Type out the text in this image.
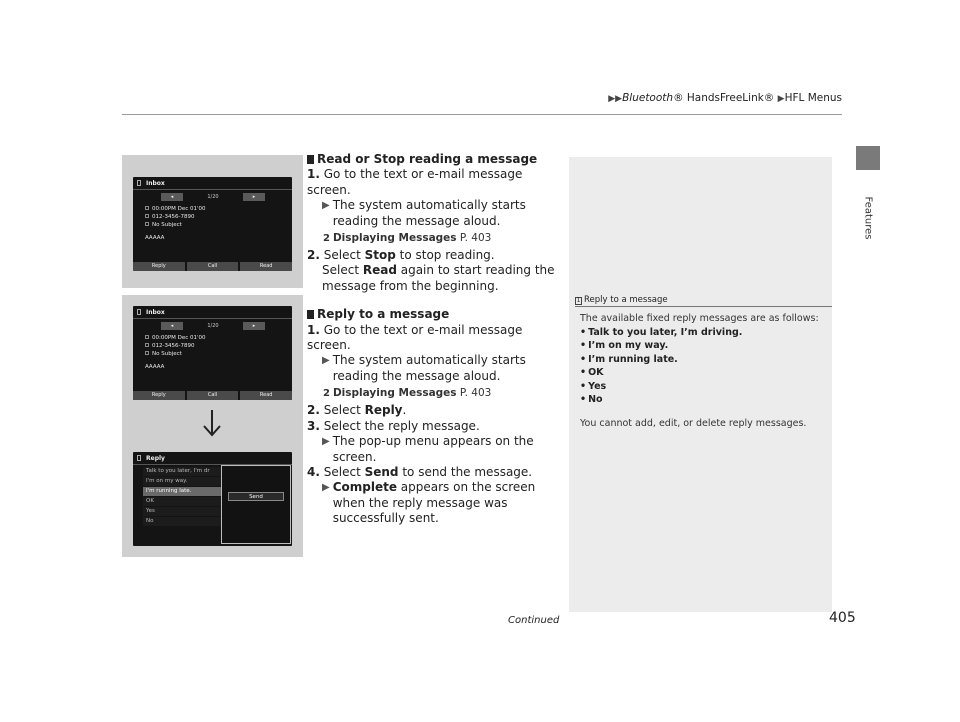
▶▶Bluetooth® HandsFreeLink® ▶HFL Menus
Features
Inbox
◂	1/20	▸
00:00PM Dec 01'00
012-3456-7890
No Subject
AAAAA
Reply	Call	Read
Inbox
◂	1/20	▸
00:00PM Dec 01'00
012-3456-7890
No Subject
AAAAA
Reply	Call	Read
Reply
Talk to you later, I'm dr
I'm on my way.
I'm running late.
OK
Yes
No
Send
Read or Stop reading a message
1. Go to the text or e-mail message screen.
▶ The system automatically starts reading the message aloud.
2 Displaying Messages P. 403
2. Select Stop to stop reading.
Select Read again to start reading the message from the beginning.
Reply to a message
1. Go to the text or e-mail message screen.
▶ The system automatically starts reading the message aloud.
2 Displaying Messages P. 403
2. Select Reply.
3. Select the reply message.
▶ The pop-up menu appears on the screen.
4. Select Send to send the message.
▶ Complete appears on the screen when the reply message was successfully sent.
1 Reply to a message
The available fixed reply messages are as follows:
• Talk to you later, I’m driving.
• I’m on my way.
• I’m running late.
• OK
• Yes
• No
You cannot add, edit, or delete reply messages.
Continued	405
